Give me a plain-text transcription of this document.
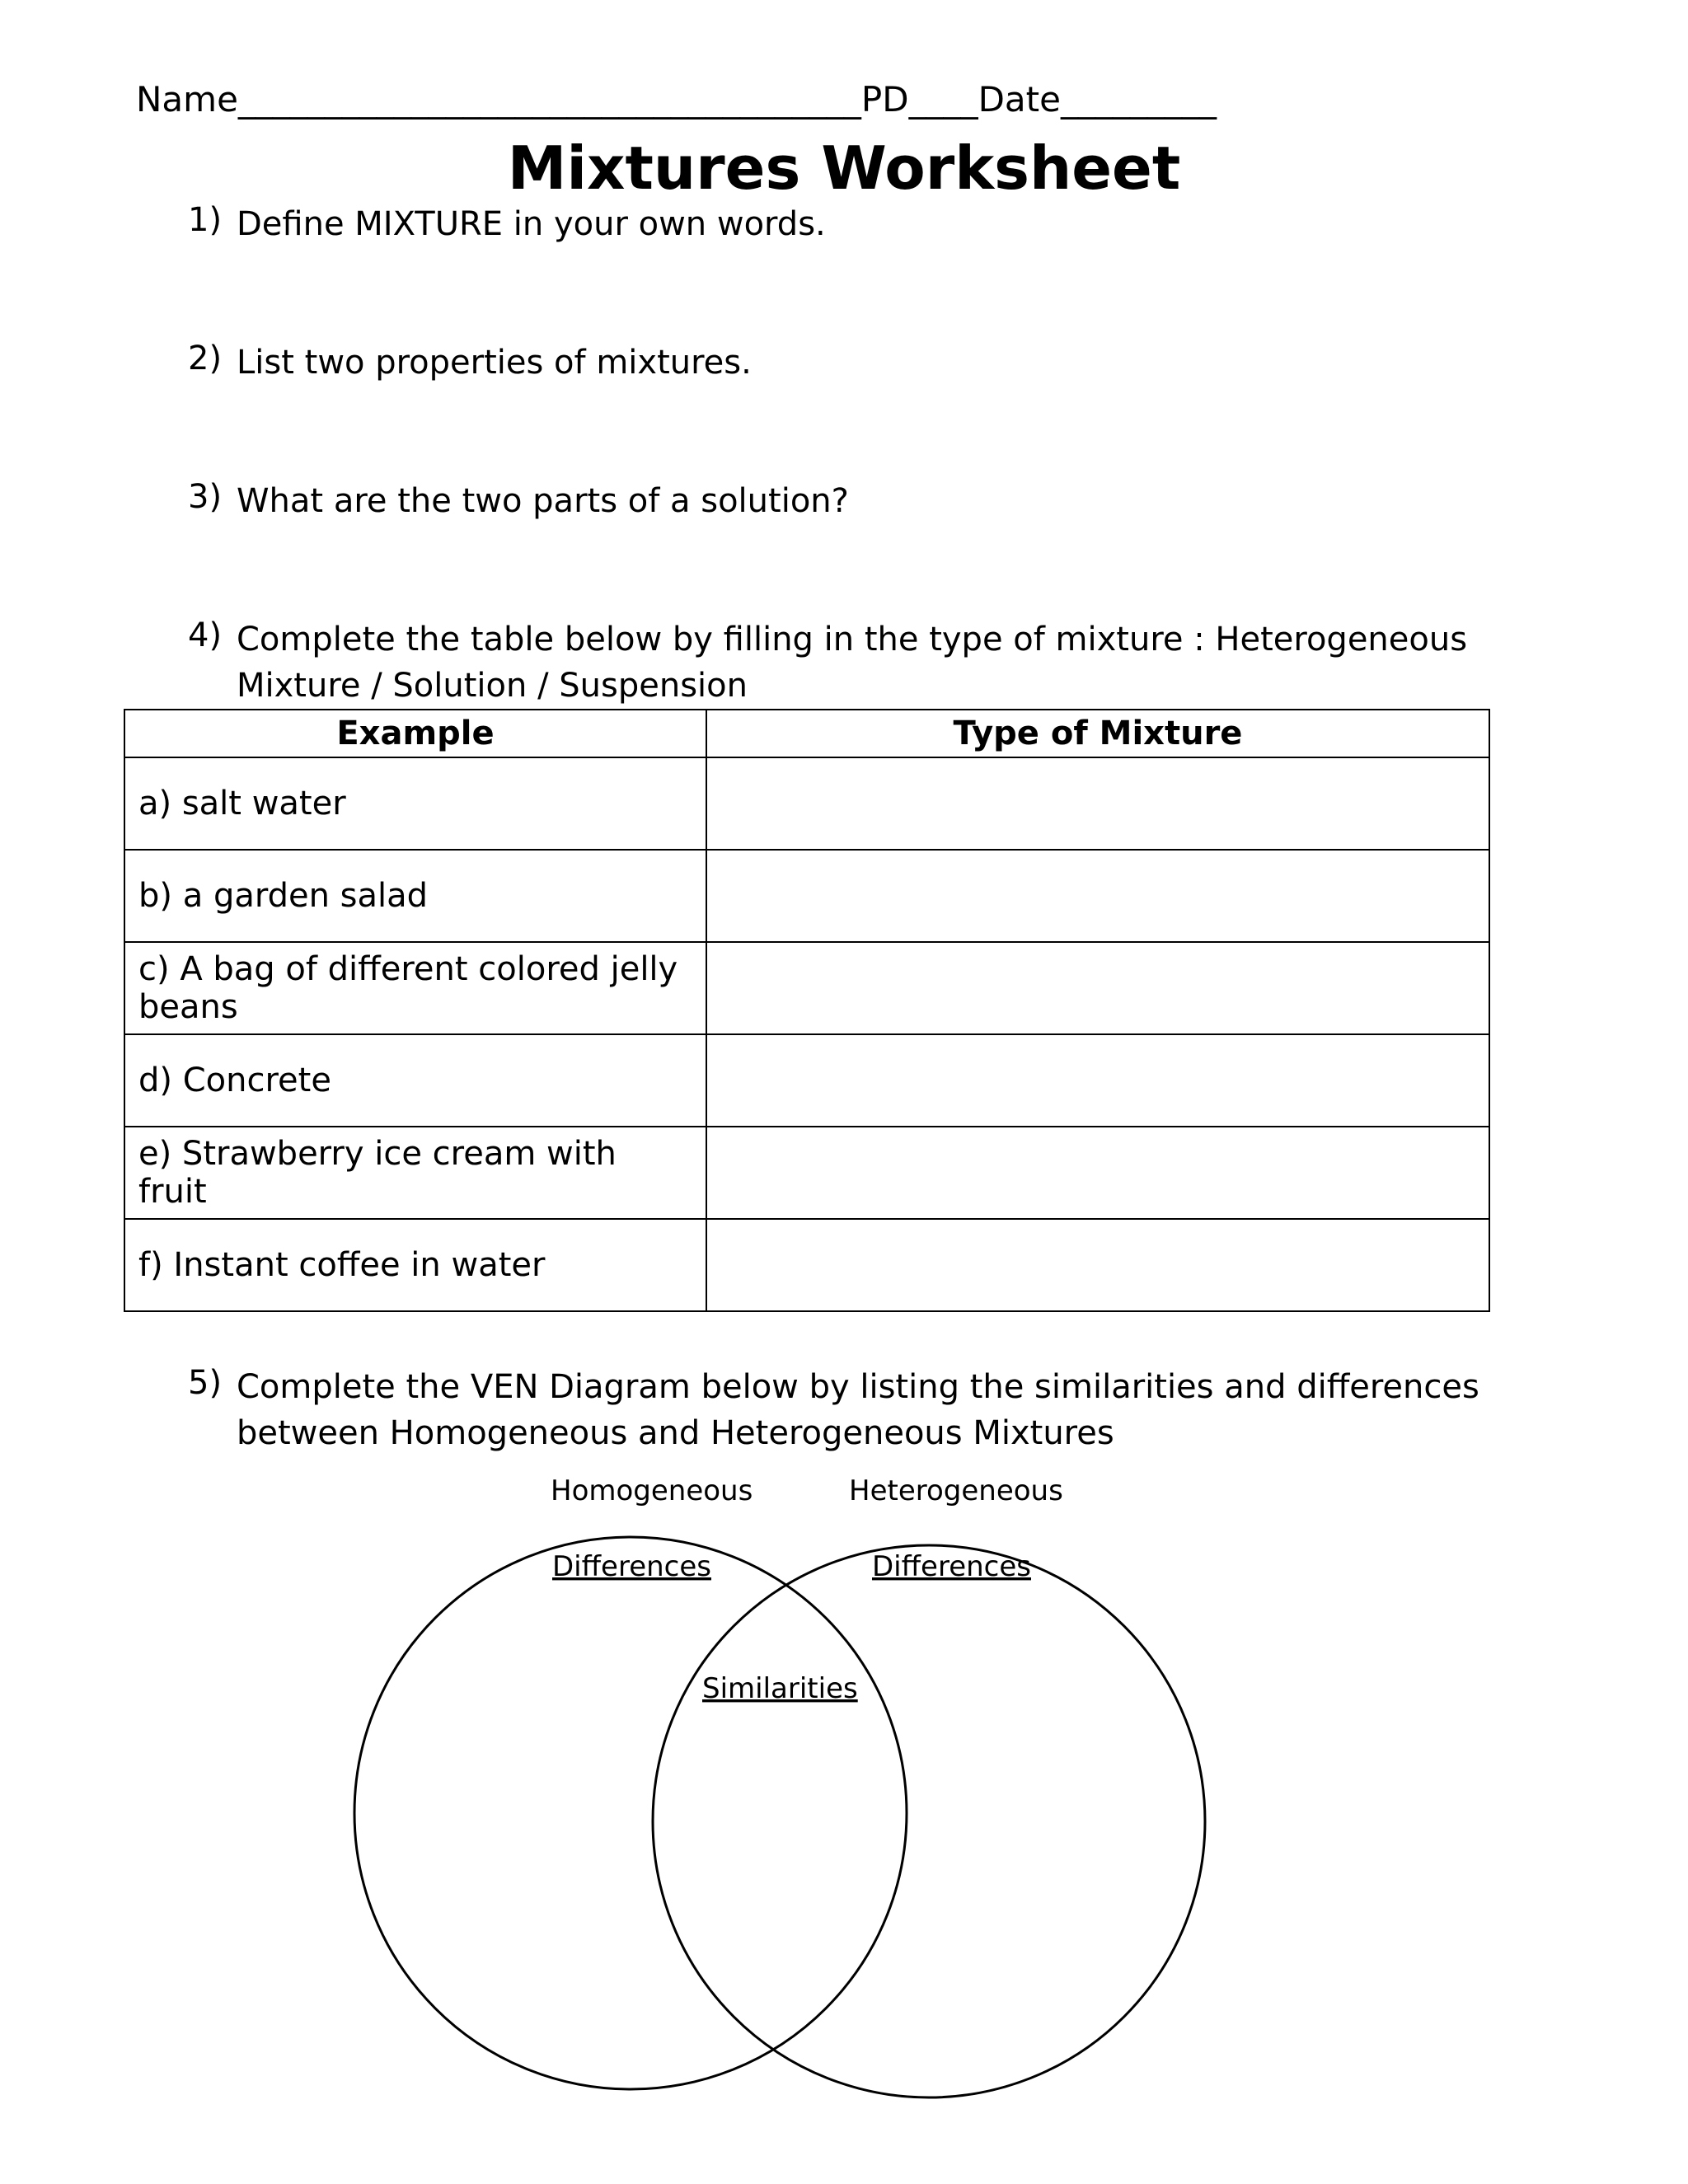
Name____________________________________PD____Date_________
Mixtures Worksheet
1) Define MIXTURE in your own words.
2) List two properties of mixtures.
3) What are the two parts of a solution?
4) Complete the table below by filling in the type of mixture : Heterogeneous Mixture / Solution / Suspension
Example	Type of Mixture
a) salt water	
b) a garden salad	
c) A bag of different colored jelly beans	
d) Concrete	
e) Strawberry ice cream with fruit	
f) Instant coffee in water	
5) Complete the VEN Diagram below by listing the similarities and differences between Homogeneous and Heterogeneous Mixtures
Homogeneous	Heterogeneous
Differences	Differences
Similarities
